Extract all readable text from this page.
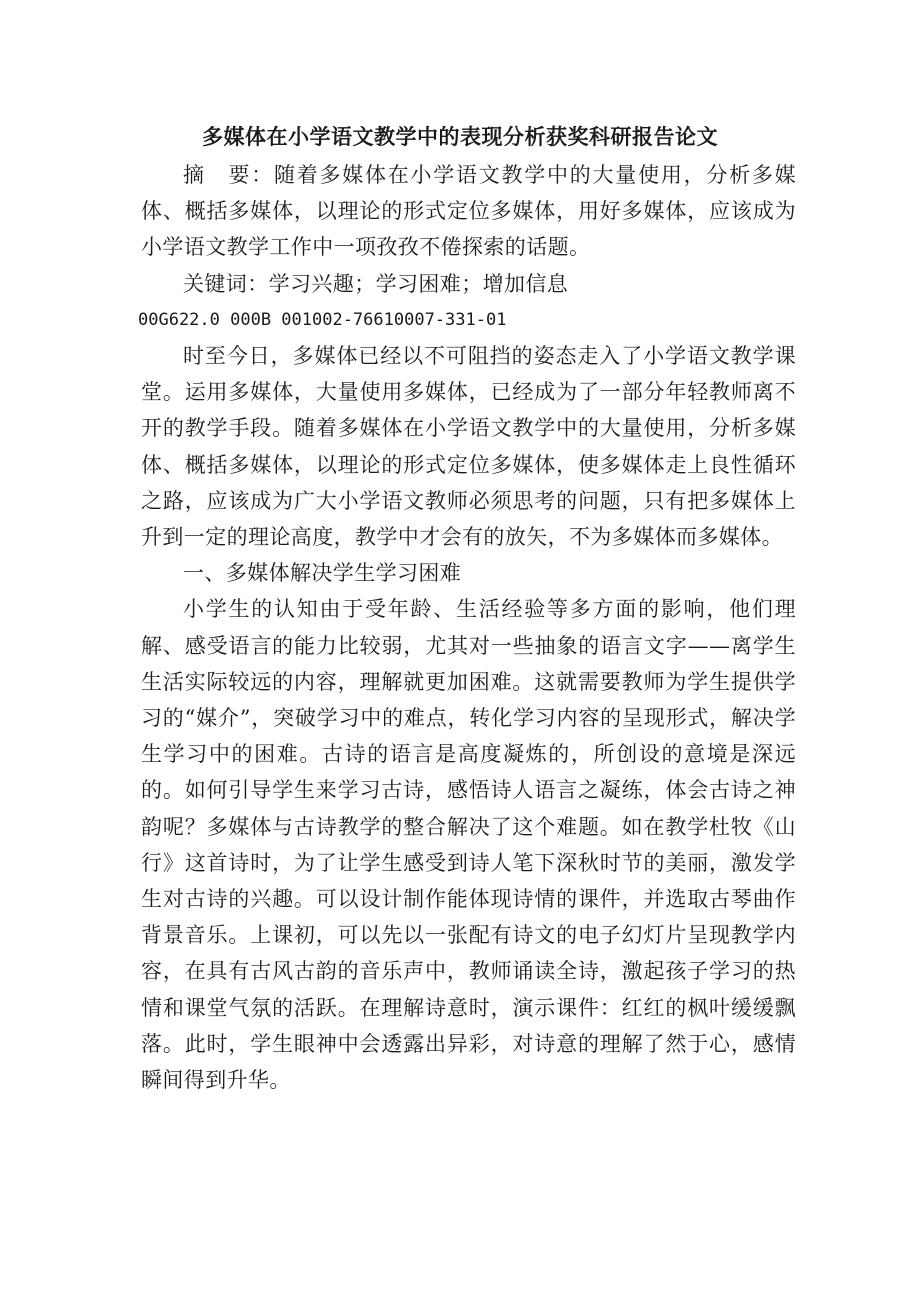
多媒体在小学语文教学中的表现分析获奖科研报告论文

摘　要：随着多媒体在小学语文教学中的大量使用，分析多媒体、概括多媒体，以理论的形式定位多媒体，用好多媒体，应该成为小学语文教学工作中一项孜孜不倦探索的话题。

关键词：学习兴趣；学习困难；增加信息

00G622.0 000B 001002-76610007-331-01

时至今日，多媒体已经以不可阻挡的姿态走入了小学语文教学课堂。运用多媒体，大量使用多媒体，已经成为了一部分年轻教师离不开的教学手段。随着多媒体在小学语文教学中的大量使用，分析多媒体、概括多媒体，以理论的形式定位多媒体，使多媒体走上良性循环之路，应该成为广大小学语文教师必须思考的问题，只有把多媒体上升到一定的理论高度，教学中才会有的放矢，不为多媒体而多媒体。

一、多媒体解决学生学习困难

小学生的认知由于受年龄、生活经验等多方面的影响，他们理解、感受语言的能力比较弱，尤其对一些抽象的语言文字——离学生生活实际较远的内容，理解就更加困难。这就需要教师为学生提供学习的“媒介”，突破学习中的难点，转化学习内容的呈现形式，解决学生学习中的困难。古诗的语言是高度凝炼的，所创设的意境是深远的。如何引导学生来学习古诗，感悟诗人语言之凝练，体会古诗之神韵呢？多媒体与古诗教学的整合解决了这个难题。如在教学杜牧《山行》这首诗时，为了让学生感受到诗人笔下深秋时节的美丽，激发学生对古诗的兴趣。可以设计制作能体现诗情的课件，并选取古琴曲作背景音乐。上课初，可以先以一张配有诗文的电子幻灯片呈现教学内容，在具有古风古韵的音乐声中，教师诵读全诗，激起孩子学习的热情和课堂气氛的活跃。在理解诗意时，演示课件：红红的枫叶缓缓飘落。此时，学生眼神中会透露出异彩，对诗意的理解了然于心，感情瞬间得到升华。
